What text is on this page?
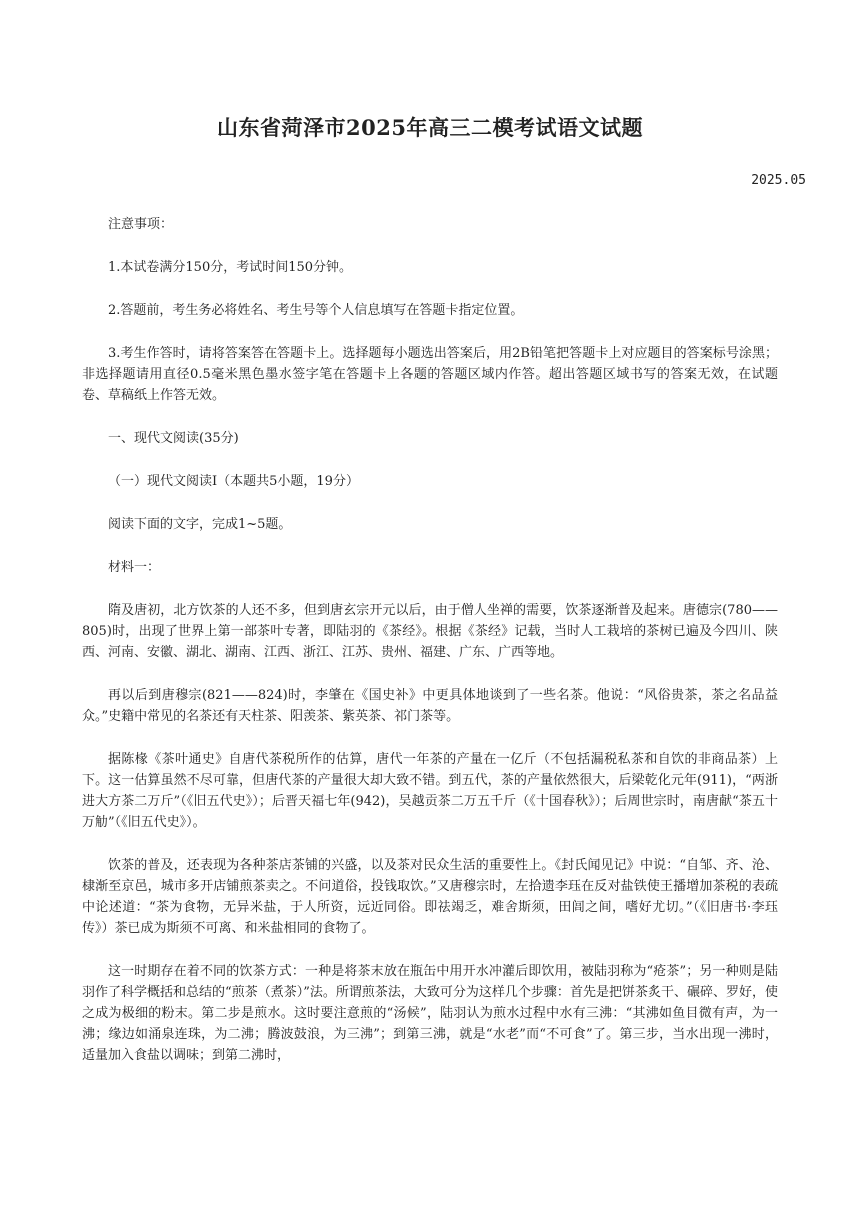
山东省菏泽市2025年高三二模考试语文试题
2025.05

注意事项：

1.本试卷满分150分，考试时间150分钟。

2.答题前，考生务必将姓名、考生号等个人信息填写在答题卡指定位置。

3.考生作答时，请将答案答在答题卡上。选择题每小题选出答案后，用2B铅笔把答题卡上对应题目的答案标号涂黑；非选择题请用直径0.5毫米黑色墨水签字笔在答题卡上各题的答题区域内作答。超出答题区域书写的答案无效，在试题卷、草稿纸上作答无效。

一、现代文阅读(35分)

（一）现代文阅读Ⅰ（本题共5小题，19分）

阅读下面的文字，完成1~5题。

材料一：

隋及唐初，北方饮茶的人还不多，但到唐玄宗开元以后，由于僧人坐禅的需要，饮茶逐渐普及起来。唐德宗(780——805)时，出现了世界上第一部茶叶专著，即陆羽的《茶经》。根据《茶经》记载，当时人工栽培的茶树已遍及今四川、陕西、河南、安徽、湖北、湖南、江西、浙江、江苏、贵州、福建、广东、广西等地。

再以后到唐穆宗(821——824)时，李肇在《国史补》中更具体地谈到了一些名茶。他说：“风俗贵茶，茶之名品益众。”史籍中常见的名茶还有天柱茶、阳羡茶、紫英茶、祁门茶等。

据陈椽《茶叶通史》自唐代茶税所作的估算，唐代一年茶的产量在一亿斤（不包括漏税私茶和自饮的非商品茶）上下。这一估算虽然不尽可靠，但唐代茶的产量很大却大致不错。到五代，茶的产量依然很大，后梁乾化元年(911)，“两浙进大方茶二万斤”（《旧五代史》）；后晋天福七年(942)，吴越贡茶二万五千斤（《十国春秋》）；后周世宗时，南唐献“茶五十万觔”（《旧五代史》）。

饮茶的普及，还表现为各种茶店茶铺的兴盛，以及茶对民众生活的重要性上。《封氏闻见记》中说：“自邹、齐、沧、棣渐至京邑，城市多开店铺煎茶卖之。不问道俗，投钱取饮。”又唐穆宗时，左拾遗李珏在反对盐铁使王播增加茶税的表疏中论述道：“茶为食物，无异米盐，于人所资，远近同俗。即祛竭乏，难舍斯须，田闾之间，嗜好尤切。”（《旧唐书·李珏传》）茶已成为斯须不可离、和米盐相同的食物了。

这一时期存在着不同的饮茶方式：一种是将茶末放在瓶缶中用开水冲灌后即饮用，被陆羽称为“疮茶”；另一种则是陆羽作了科学概括和总结的“煎茶（煮茶）”法。所谓煎茶法，大致可分为这样几个步骤：首先是把饼茶炙干、碾碎、罗好，使之成为极细的粉末。第二步是煎水。这时要注意煎的“汤候”，陆羽认为煎水过程中水有三沸：“其沸如鱼目微有声，为一沸；缘边如涌泉连珠，为二沸；腾波鼓浪，为三沸”；到第三沸，就是“水老”而“不可食”了。第三步，当水出现一沸时，适量加入食盐以调味；到第二沸时，
